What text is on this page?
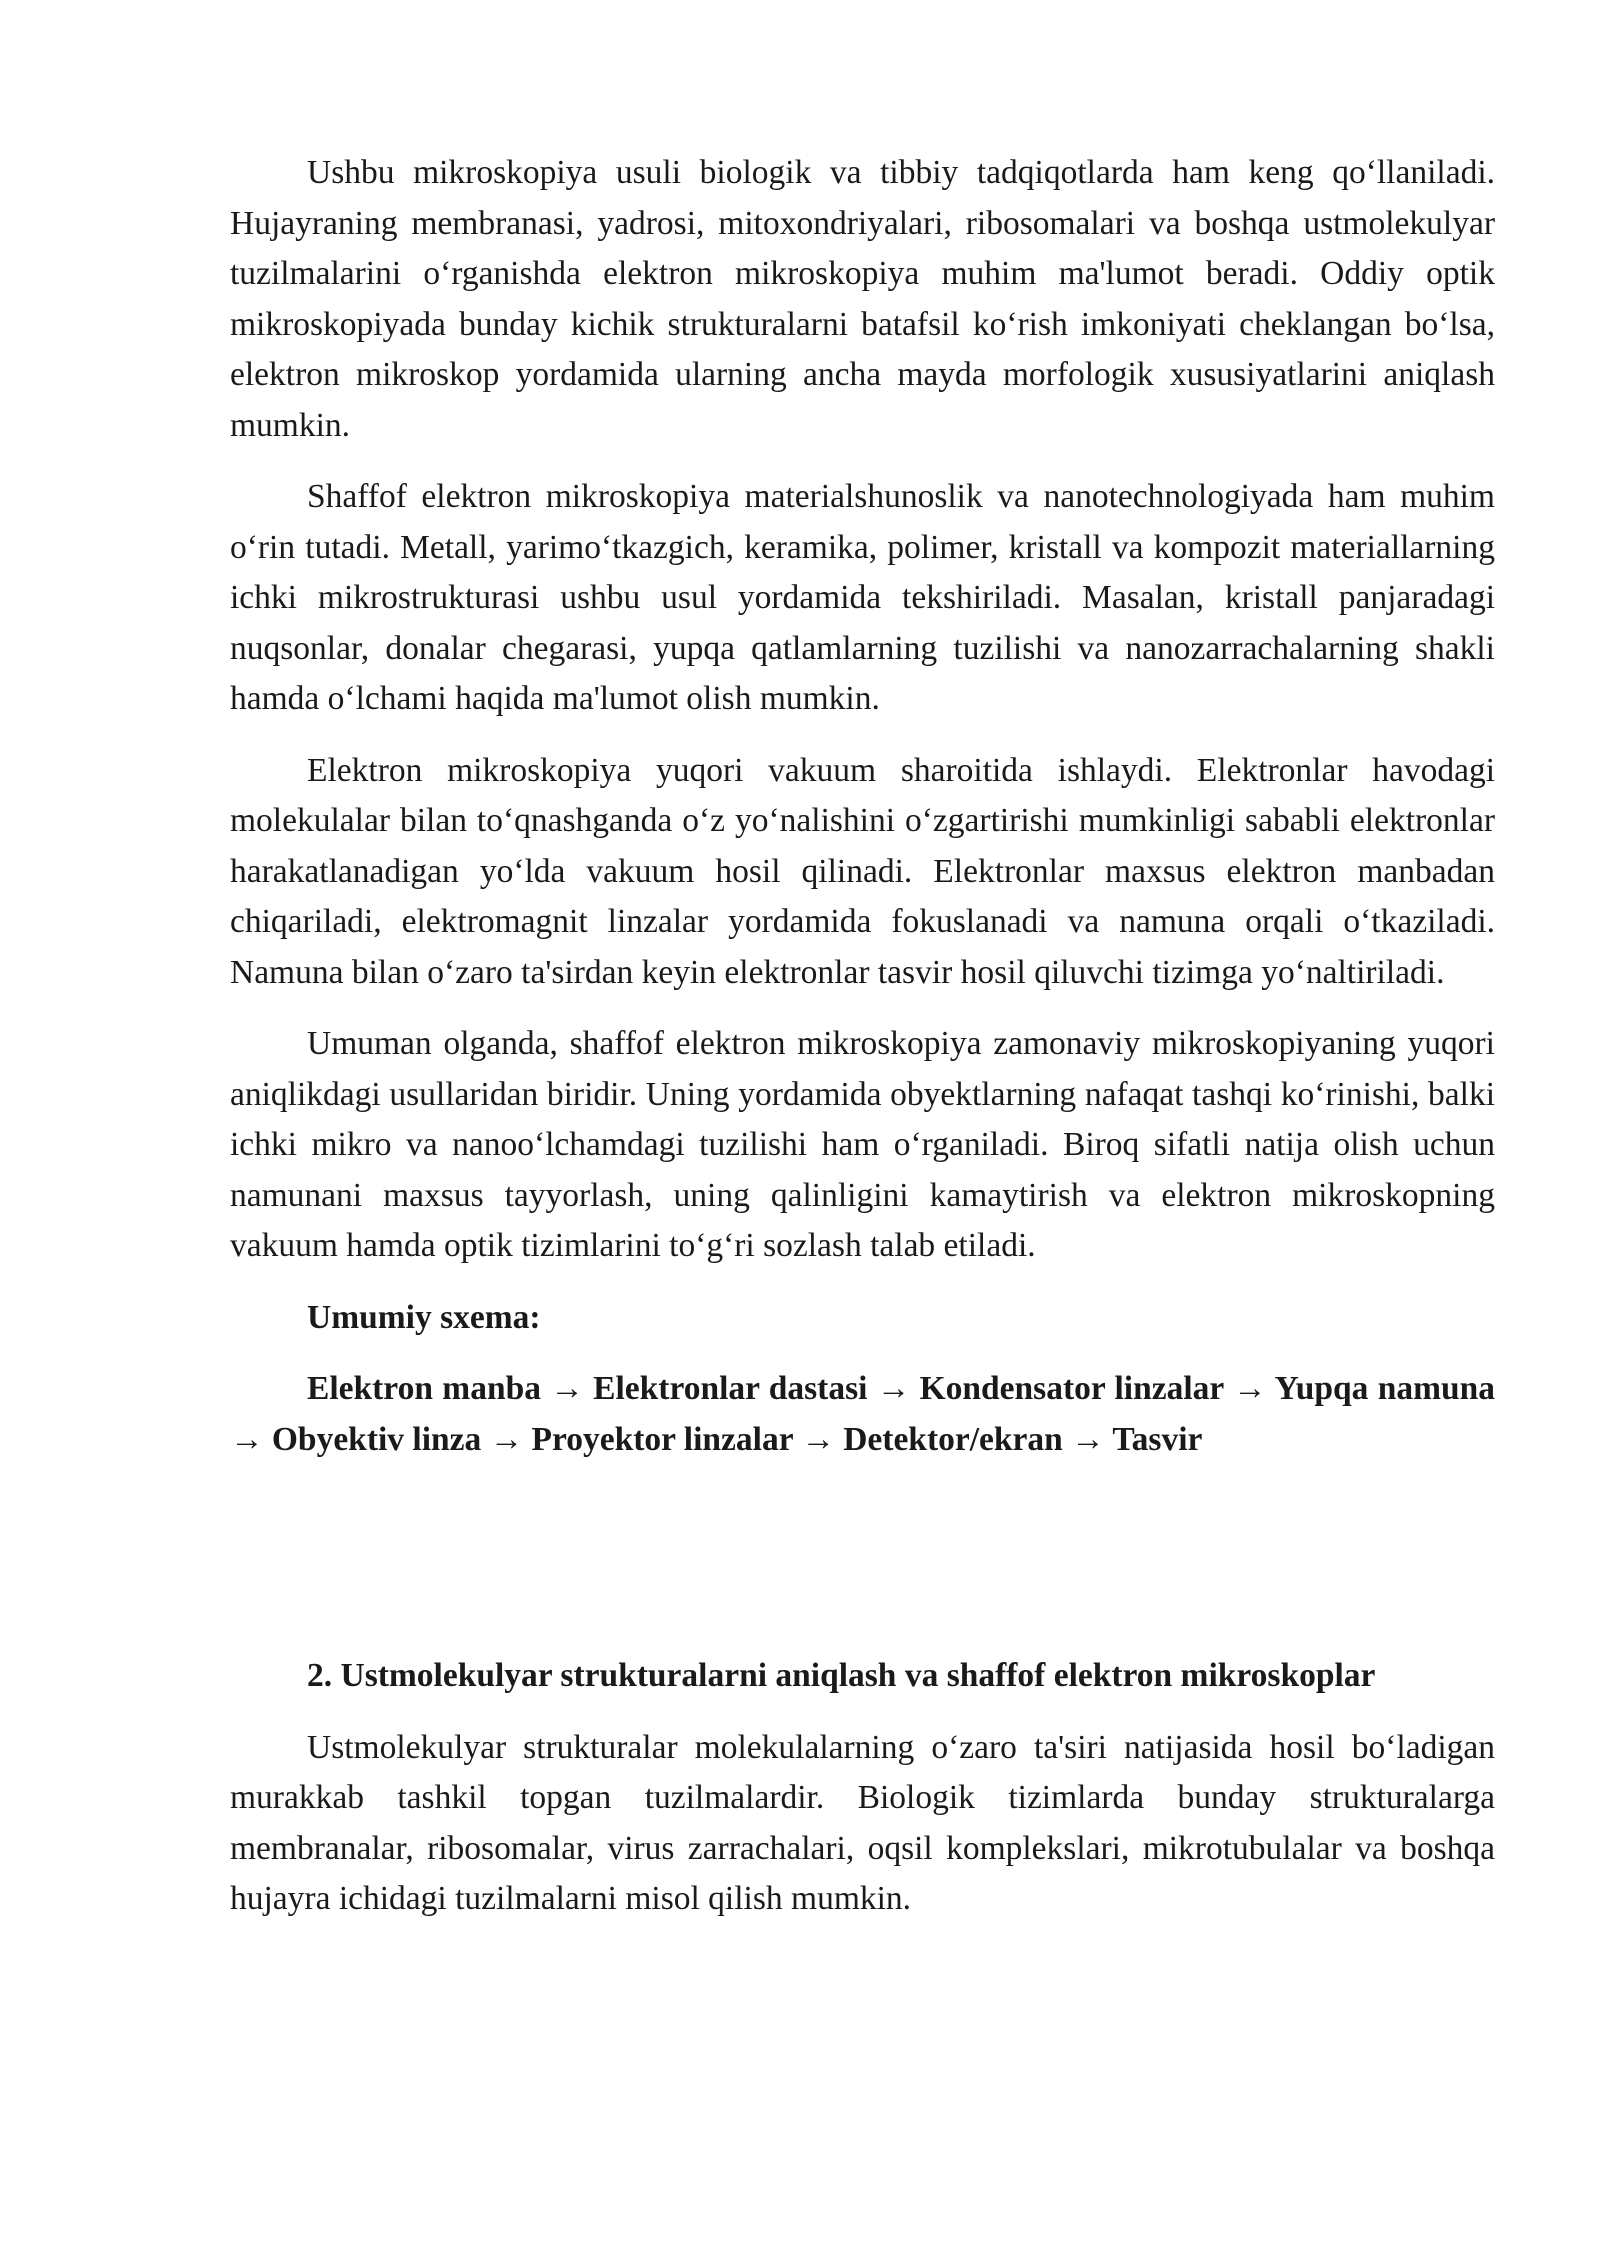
Ushbu mikroskopiya usuli biologik va tibbiy tadqiqotlarda ham keng qo‘llaniladi. Hujayraning membranasi, yadrosi, mitoxondriyalari, ribosomalari va boshqa ustmolekulyar tuzilmalarini o‘rganishda elektron mikroskopiya muhim ma'lumot beradi. Oddiy optik mikroskopiyada bunday kichik strukturalarni batafsil ko‘rish imkoniyati cheklangan bo‘lsa, elektron mikroskop yordamida ularning ancha mayda morfologik xususiyatlarini aniqlash mumkin.

Shaffof elektron mikroskopiya materialshunoslik va nanotechnologiyada ham muhim o‘rin tutadi. Metall, yarimo‘tkazgich, keramika, polimer, kristall va kompozit materiallarning ichki mikrostrukturasi ushbu usul yordamida tekshiriladi. Masalan, kristall panjaradagi nuqsonlar, donalar chegarasi, yupqa qatlamlarning tuzilishi va nanozarrachalarning shakli hamda o‘lchami haqida ma'lumot olish mumkin.

Elektron mikroskopiya yuqori vakuum sharoitida ishlaydi. Elektronlar havodagi molekulalar bilan to‘qnashganda o‘z yo‘nalishini o‘zgartirishi mumkinligi sababli elektronlar harakatlanadigan yo‘lda vakuum hosil qilinadi. Elektronlar maxsus elektron manbadan chiqariladi, elektromagnit linzalar yordamida fokuslanadi va namuna orqali o‘tkaziladi. Namuna bilan o‘zaro ta'sirdan keyin elektronlar tasvir hosil qiluvchi tizimga yo‘naltiriladi.

Umuman olganda, shaffof elektron mikroskopiya zamonaviy mikroskopiyaning yuqori aniqlikdagi usullaridan biridir. Uning yordamida obyektlarning nafaqat tashqi ko‘rinishi, balki ichki mikro va nanoo‘lchamdagi tuzilishi ham o‘rganiladi. Biroq sifatli natija olish uchun namunani maxsus tayyorlash, uning qalinligini kamaytirish va elektron mikroskopning vakuum hamda optik tizimlarini to‘g‘ri sozlash talab etiladi.

Umumiy sxema:

Elektron manba → Elektronlar dastasi → Kondensator linzalar → Yupqa namuna → Obyektiv linza → Proyektor linzalar → Detektor/ekran → Tasvir

2. Ustmolekulyar strukturalarni aniqlash va shaffof elektron mikroskoplar

Ustmolekulyar strukturalar molekulalarning o‘zaro ta'siri natijasida hosil bo‘ladigan murakkab tashkil topgan tuzilmalardir. Biologik tizimlarda bunday strukturalarga membranalar, ribosomalar, virus zarrachalari, oqsil komplekslari, mikrotubulalar va boshqa hujayra ichidagi tuzilmalarni misol qilish mumkin.
